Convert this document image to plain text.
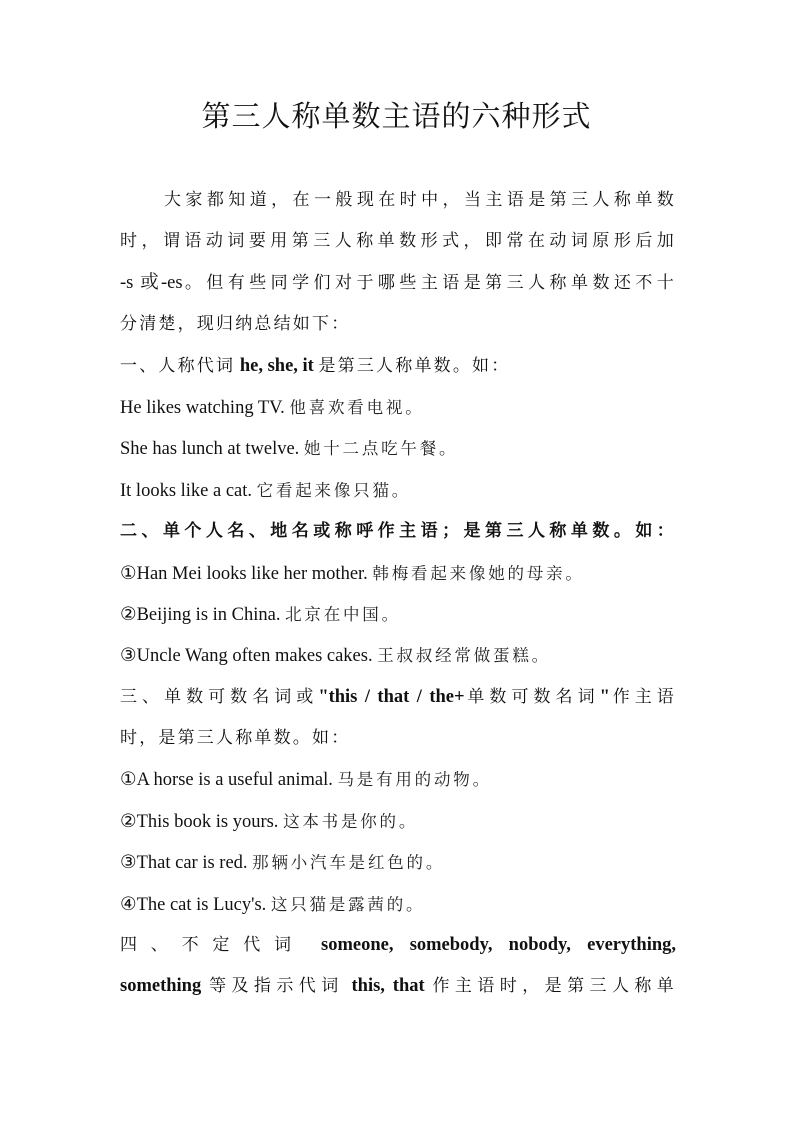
第三人称单数主语的六种形式
大家都知道，在一般现在时中，当主语是第三人称单数
时，谓语动词要用第三人称单数形式，即常在动词原形后加
-s 或-es。但有些同学们对于哪些主语是第三人称单数还不十
分清楚，现归纳总结如下：
一、人称代词 he, she, it 是第三人称单数。如：
He likes watching TV. 他喜欢看电视。
She has lunch at twelve. 她十二点吃午餐。
It looks like a cat. 它看起来像只猫。
二、单个人名、地名或称呼作主语；是第三人称单数。如：
①Han Mei looks like her mother. 韩梅看起来像她的母亲。
②Beijing is in China. 北京在中国。
③Uncle Wang often makes cakes. 王叔叔经常做蛋糕。
三、单数可数名词或"this / that / the+单数可数名词"作主语
时，是第三人称单数。如：
①A horse is a useful animal. 马是有用的动物。
②This book is yours. 这本书是你的。
③That car is red. 那辆小汽车是红色的。
④The cat is Lucy's. 这只猫是露茜的。
四、不定代词 someone, somebody, nobody, everything,
something 等及指示代词 this, that 作主语时，是第三人称单
